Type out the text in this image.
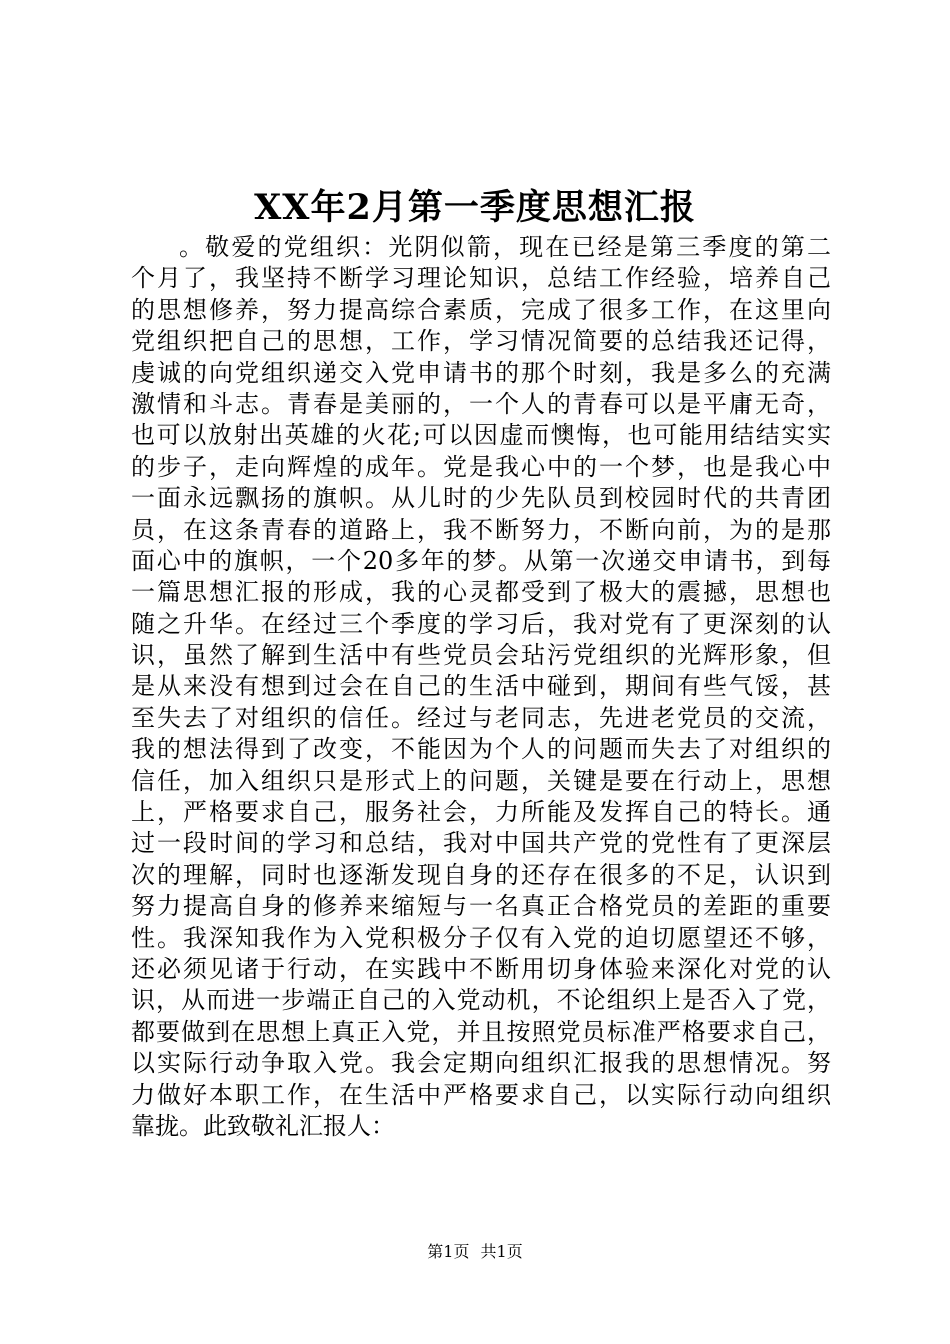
XX年2月第一季度思想汇报
。敬爱的党组织：光阴似箭，现在已经是第三季度的第二
个月了，我坚持不断学习理论知识，总结工作经验，培养自己
的思想修养，努力提高综合素质，完成了很多工作，在这里向
党组织把自己的思想，工作，学习情况简要的总结我还记得，
虔诚的向党组织递交入党申请书的那个时刻，我是多么的充满
激情和斗志。青春是美丽的，一个人的青春可以是平庸无奇，
也可以放射出英雄的火花;可以因虚而懊悔，也可能用结结实实
的步子，走向辉煌的成年。党是我心中的一个梦，也是我心中
一面永远飘扬的旗帜。从儿时的少先队员到校园时代的共青团
员，在这条青春的道路上，我不断努力，不断向前，为的是那
面心中的旗帜，一个20多年的梦。从第一次递交申请书，到每
一篇思想汇报的形成，我的心灵都受到了极大的震撼，思想也
随之升华。在经过三个季度的学习后，我对党有了更深刻的认
识，虽然了解到生活中有些党员会玷污党组织的光辉形象，但
是从来没有想到过会在自己的生活中碰到，期间有些气馁，甚
至失去了对组织的信任。经过与老同志，先进老党员的交流，
我的想法得到了改变，不能因为个人的问题而失去了对组织的
信任，加入组织只是形式上的问题，关键是要在行动上，思想
上，严格要求自己，服务社会，力所能及发挥自己的特长。通
过一段时间的学习和总结，我对中国共产党的党性有了更深层
次的理解，同时也逐渐发现自身的还存在很多的不足，认识到
努力提高自身的修养来缩短与一名真正合格党员的差距的重要
性。我深知我作为入党积极分子仅有入党的迫切愿望还不够，
还必须见诸于行动，在实践中不断用切身体验来深化对党的认
识，从而进一步端正自己的入党动机，不论组织上是否入了党，
都要做到在思想上真正入党，并且按照党员标准严格要求自己，
以实际行动争取入党。我会定期向组织汇报我的思想情况。努
力做好本职工作，在生活中严格要求自己，以实际行动向组织
靠拢。此致敬礼汇报人：
第1页 共1页
